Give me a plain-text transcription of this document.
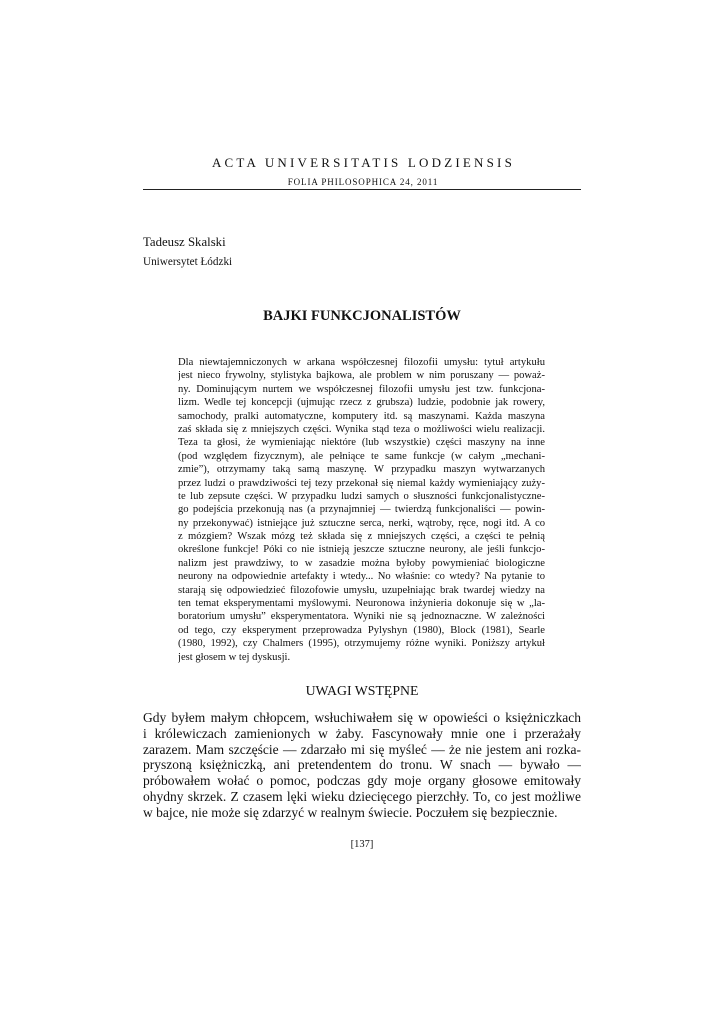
ACTA UNIVERSITATIS LODZIENSIS
FOLIA PHILOSOPHICA 24, 2011
Tadeusz Skalski
Uniwersytet Łódzki
BAJKI FUNKCJONALISTÓW
Dla niewtajemniczonych w arkana współczesnej filozofii umysłu: tytuł artykułu
jest nieco frywolny, stylistyka bajkowa, ale problem w nim poruszany — poważ-
ny. Dominującym nurtem we współczesnej filozofii umysłu jest tzw. funkcjona-
lizm. Wedle tej koncepcji (ujmując rzecz z grubsza) ludzie, podobnie jak rowery,
samochody, pralki automatyczne, komputery itd. są maszynami. Każda maszyna
zaś składa się z mniejszych części. Wynika stąd teza o możliwości wielu realizacji.
Teza ta głosi, że wymieniając niektóre (lub wszystkie) części maszyny na inne
(pod względem fizycznym), ale pełniące te same funkcje (w całym „mechani-
zmie”), otrzymamy taką samą maszynę. W przypadku maszyn wytwarzanych
przez ludzi o prawdziwości tej tezy przekonał się niemal każdy wymieniający zuży-
te lub zepsute części. W przypadku ludzi samych o słuszności funkcjonalistyczne-
go podejścia przekonują nas (a przynajmniej — twierdzą funkcjonaliści — powin-
ny przekonywać) istniejące już sztuczne serca, nerki, wątroby, ręce, nogi itd. A co
z mózgiem? Wszak mózg też składa się z mniejszych części, a części te pełnią
określone funkcje! Póki co nie istnieją jeszcze sztuczne neurony, ale jeśli funkcjo-
nalizm jest prawdziwy, to w zasadzie można byłoby powymieniać biologiczne
neurony na odpowiednie artefakty i wtedy... No właśnie: co wtedy? Na pytanie to
starają się odpowiedzieć filozofowie umysłu, uzupełniając brak twardej wiedzy na
ten temat eksperymentami myślowymi. Neuronowa inżynieria dokonuje się w „la-
boratorium umysłu” eksperymentatora. Wyniki nie są jednoznaczne. W zależności
od tego, czy eksperyment przeprowadza Pylyshyn (1980), Block (1981), Searle
(1980, 1992), czy Chalmers (1995), otrzymujemy różne wyniki. Poniższy artykuł
jest głosem w tej dyskusji.
UWAGI WSTĘPNE
Gdy byłem małym chłopcem, wsłuchiwałem się w opowieści o księżniczkach
i królewiczach zamienionych w żaby. Fascynowały mnie one i przerażały
zarazem. Mam szczęście — zdarzało mi się myśleć — że nie jestem ani rozka-
pryszoną księżniczką, ani pretendentem do tronu. W snach — bywało —
próbowałem wołać o pomoc, podczas gdy moje organy głosowe emitowały
ohydny skrzek. Z czasem lęki wieku dziecięcego pierzchły. To, co jest możliwe
w bajce, nie może się zdarzyć w realnym świecie. Poczułem się bezpiecznie.
[137]
